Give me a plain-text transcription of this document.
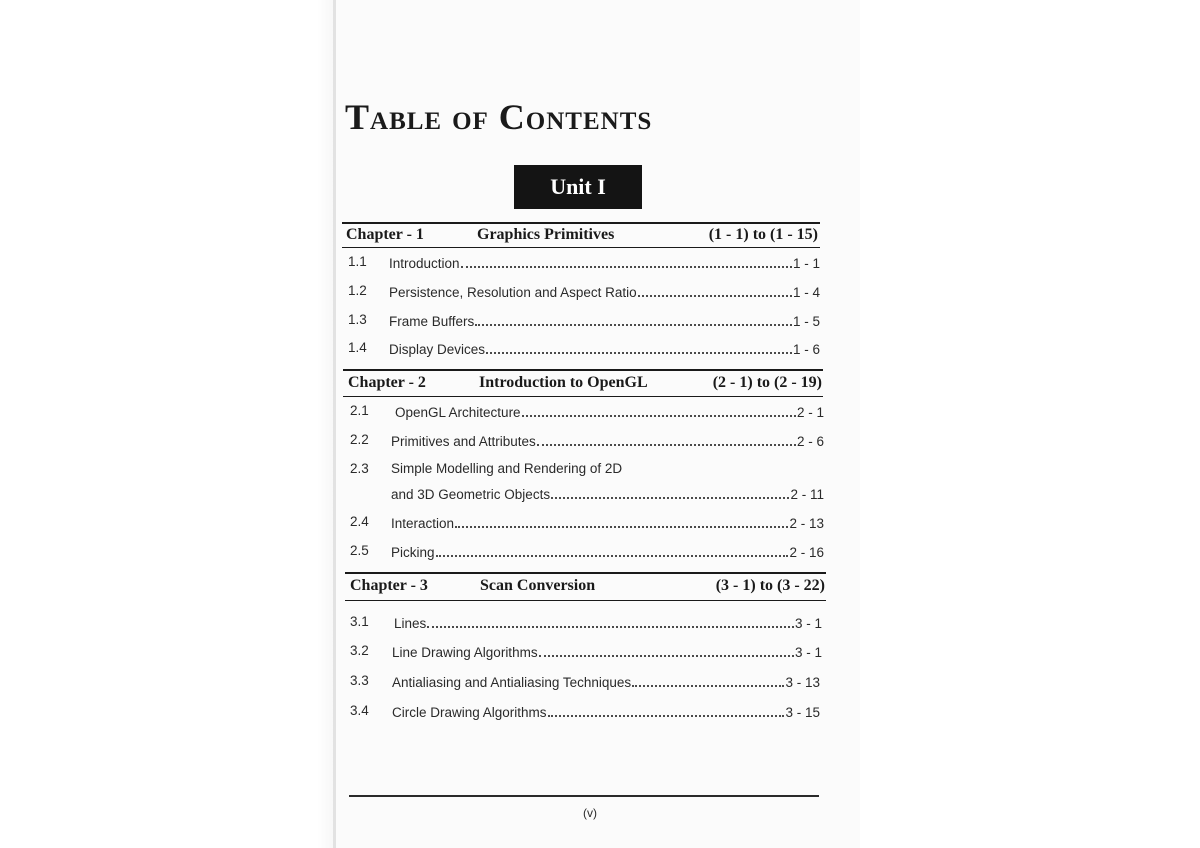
Table of Contents
Unit I
Chapter - 1	Graphics Primitives	(1 - 1) to (1 - 15)
1.1 Introduction	1 - 1
1.2 Persistence, Resolution and Aspect Ratio	1 - 4
1.3 Frame Buffers	1 - 5
1.4 Display Devices	1 - 6
Chapter - 2	Introduction to OpenGL	(2 - 1) to (2 - 19)
2.1 OpenGL Architecture	2 - 1
2.2 Primitives and Attributes	2 - 6
2.3 Simple Modelling and Rendering of 2D
and 3D Geometric Objects	2 - 11
2.4 Interaction	2 - 13
2.5 Picking	2 - 16
Chapter - 3	Scan Conversion	(3 - 1) to (3 - 22)
3.1 Lines	3 - 1
3.2 Line Drawing Algorithms	3 - 1
3.3 Antialiasing and Antialiasing Techniques	3 - 13
3.4 Circle Drawing Algorithms	3 - 15
(v)
